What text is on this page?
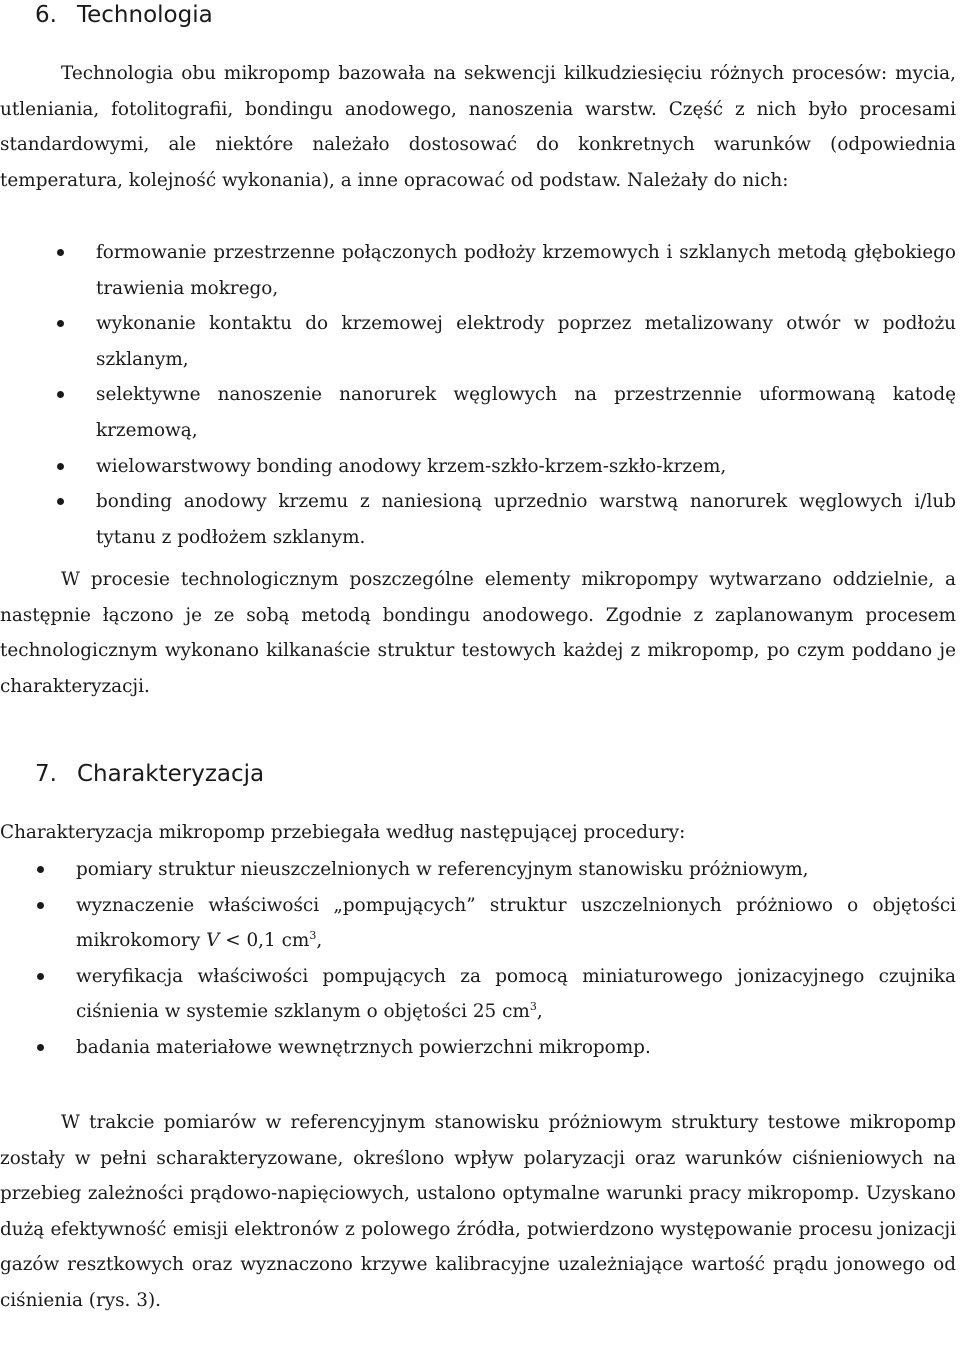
6. Technologia

Technologia obu mikropomp bazowała na sekwencji kilkudziesięciu różnych procesów: mycia, utleniania, fotolitografii, bondingu anodowego, nanoszenia warstw. Część z nich było procesami standardowymi, ale niektóre należało dostosować do konkretnych warunków (odpowiednia temperatura, kolejność wykonania), a inne opracować od podstaw. Należały do nich:

formowanie przestrzenne połączonych podłoży krzemowych i szklanych metodą głębokiego trawienia mokrego,
wykonanie kontaktu do krzemowej elektrody poprzez metalizowany otwór w podłożu szklanym,
selektywne nanoszenie nanorurek węglowych na przestrzennie uformowaną katodę krzemową,
wielowarstwowy bonding anodowy krzem-szkło-krzem-szkło-krzem,
bonding anodowy krzemu z naniesioną uprzednio warstwą nanorurek węglowych i/lub tytanu z podłożem szklanym.

W procesie technologicznym poszczególne elementy mikropompy wytwarzano oddzielnie, a następnie łączono je ze sobą metodą bondingu anodowego. Zgodnie z zaplanowanym procesem technologicznym wykonano kilkanaście struktur testowych każdej z mikropomp, po czym poddano je charakteryzacji.

7. Charakteryzacja

Charakteryzacja mikropomp przebiegała według następującej procedury:

pomiary struktur nieuszczelnionych w referencyjnym stanowisku próżniowym,
wyznaczenie właściwości „pompujących” struktur uszczelnionych próżniowo o objętości mikrokomory V < 0,1 $cm^3$,
weryfikacja właściwości pompujących za pomocą miniaturowego jonizacyjnego czujnika ciśnienia w systemie szklanym o objętości 25 $cm^3$,
badania materiałowe wewnętrznych powierzchni mikropomp.

W trakcie pomiarów w referencyjnym stanowisku próżniowym struktury testowe mikropomp zostały w pełni scharakteryzowane, określono wpływ polaryzacji oraz warunków ciśnieniowych na przebieg zależności prądowo-napięciowych, ustalono optymalne warunki pracy mikropomp. Uzyskano dużą efektywność emisji elektronów z polowego źródła, potwierdzono występowanie procesu jonizacji gazów resztkowych oraz wyznaczono krzywe kalibracyjne uzależniające wartość prądu jonowego od ciśnienia (rys. 3).
